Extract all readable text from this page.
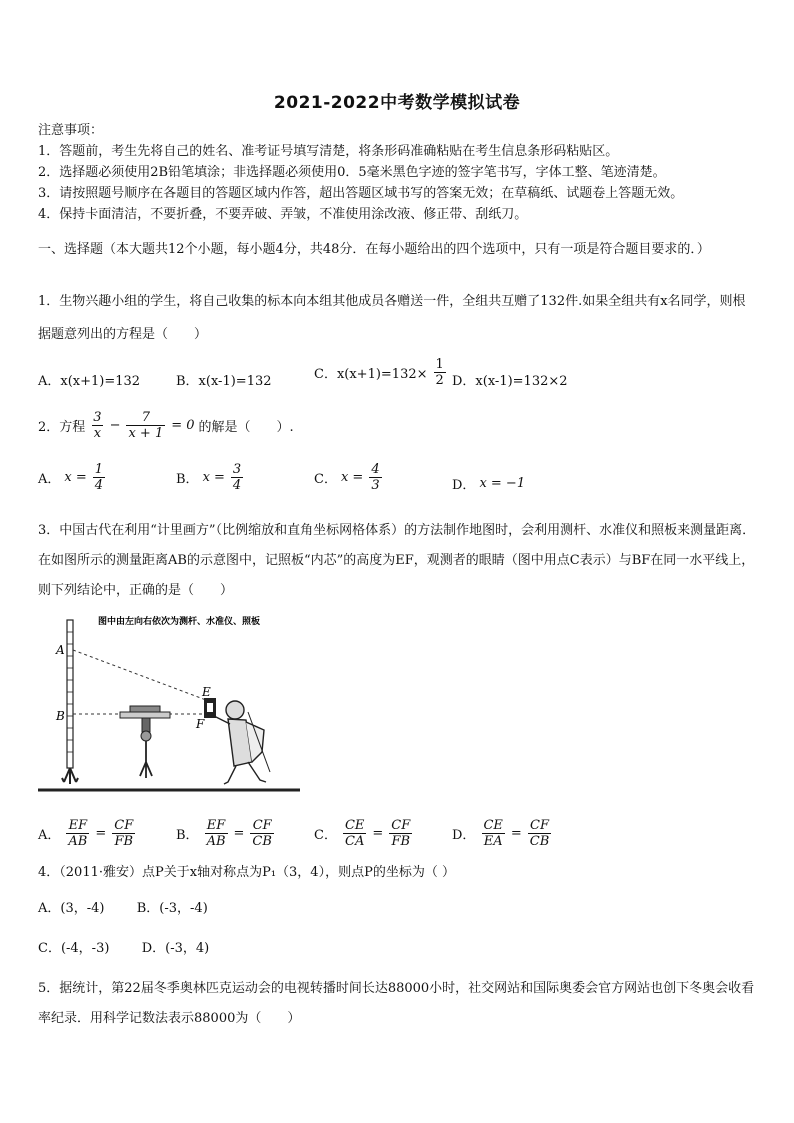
2021-2022中考数学模拟试卷
注意事项：
1．答题前，考生先将自己的姓名、准考证号填写清楚，将条形码准确粘贴在考生信息条形码粘贴区。
2．选择题必须使用2B铅笔填涂；非选择题必须使用0．5毫米黑色字迹的签字笔书写，字体工整、笔迹清楚。
3．请按照题号顺序在各题目的答题区域内作答，超出答题区域书写的答案无效；在草稿纸、试题卷上答题无效。
4．保持卡面清洁，不要折叠，不要弄破、弄皱，不准使用涂改液、修正带、刮纸刀。
一、选择题（本大题共12个小题，每小题4分，共48分．在每小题给出的四个选项中，只有一项是符合题目要求的．）
1．生物兴趣小组的学生，将自己收集的标本向本组其他成员各赠送一件，全组共互赠了132件.如果全组共有x名同学，则根据题意列出的方程是（　　）
A．x(x+1)=132	B．x(x-1)=132	C．$x(x+1)=132\times \frac{1}{2}$ D．x(x-1)=132×2
2．方程 $\frac{3}{x} - \frac{7}{x + 1} = 0$ 的解是（　　）.
A． $x = \frac{1}{4}$	B． $x = \frac{3}{4}$	C． $x = \frac{4}{3}$	D． x = −1
3．中国古代在利用“计里画方”（比例缩放和直角坐标网格体系）的方法制作地图时，会利用测杆、水准仪和照板来测量距离．在如图所示的测量距离AB的示意图中，记照板“内芯”的高度为EF，观测者的眼睛（图中用点C表示）与BF在同一水平线上，则下列结论中，正确的是（　　）
图中由左向右依次为测杆、水准仪、照板
A
B
E
F
A． $\frac{EF}{AB} = \frac{CF}{FB}$	B． $\frac{EF}{AB} = \frac{CF}{CB}$	C． $\frac{CE}{CA} = \frac{CF}{FB}$	D． $\frac{CE}{EA} = \frac{CF}{CB}$
4．（2011·雅安）点P关于x轴对称点为P₁（3，4），则点P的坐标为（ ）
A．(3，-4) B．(-3，-4)
C．(-4，-3) D．(-3，4)
5．据统计，第22届冬季奥林匹克运动会的电视转播时间长达88000小时，社交网站和国际奥委会官方网站也创下冬奥会收看率纪录．用科学记数法表示88000为（　　）
